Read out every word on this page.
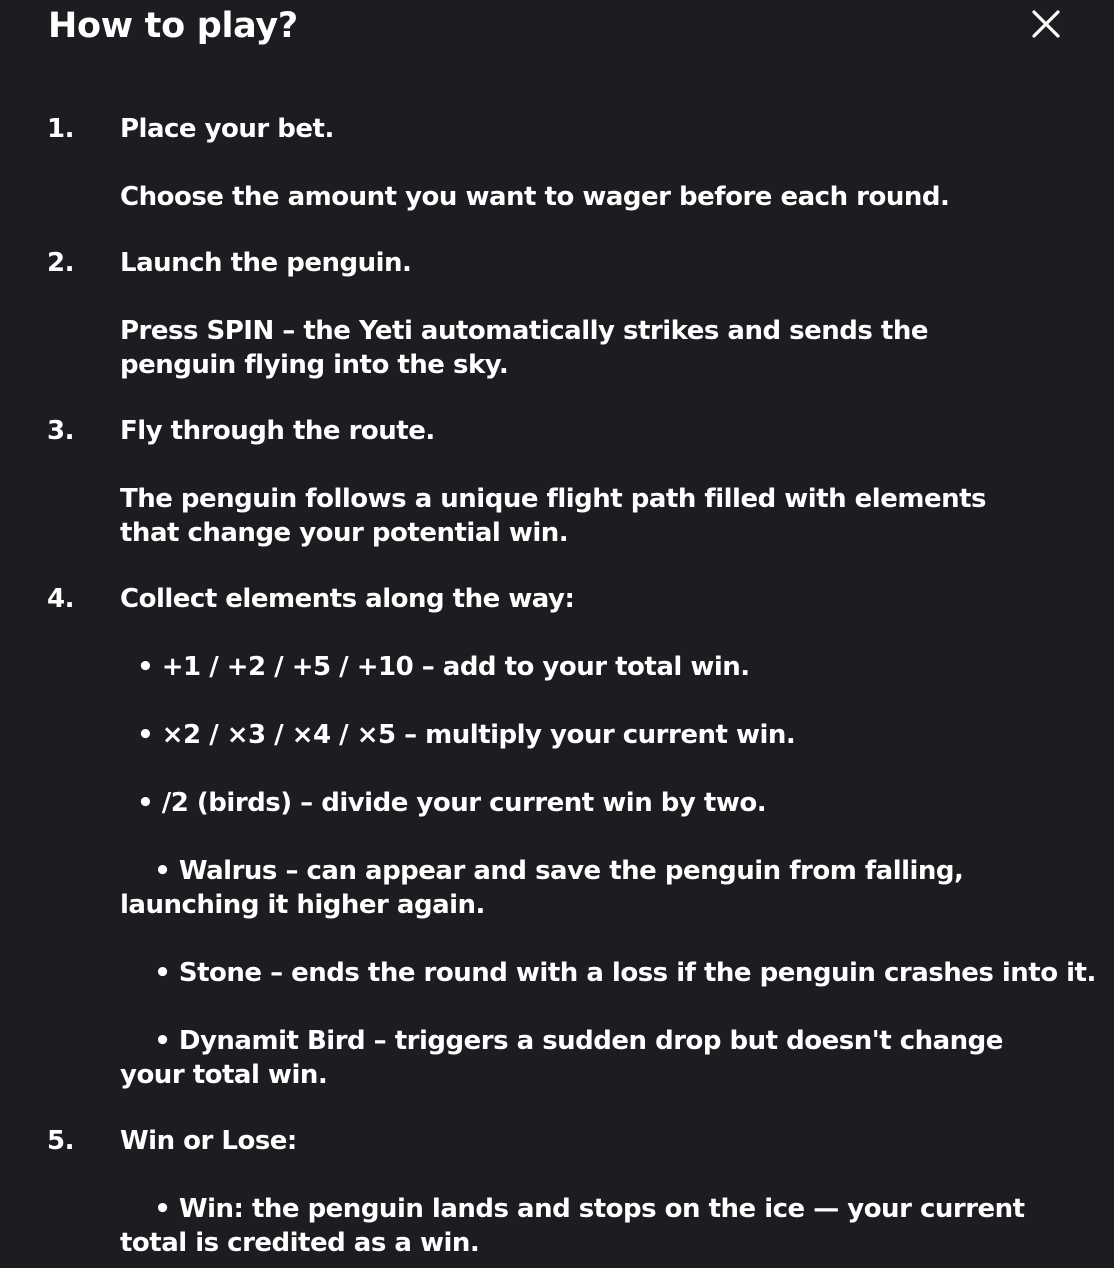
How to play?
1.	Place your bet.
Choose the amount you want to wager before each round.
2.	Launch the penguin.
Press SPIN – the Yeti automatically strikes and sends the penguin flying into the sky.
3.	Fly through the route.
The penguin follows a unique flight path filled with elements that change your potential win.
4.	Collect elements along the way:
• +1 / +2 / +5 / +10 – add to your total win.
• ×2 / ×3 / ×4 / ×5 – multiply your current win.
• /2 (birds) – divide your current win by two.
• Walrus – can appear and save the penguin from falling, launching it higher again.
• Stone – ends the round with a loss if the penguin crashes into it.
• Dynamit Bird – triggers a sudden drop but doesn't change your total win.
5.	Win or Lose:
• Win: the penguin lands and stops on the ice — your current total is credited as a win.
